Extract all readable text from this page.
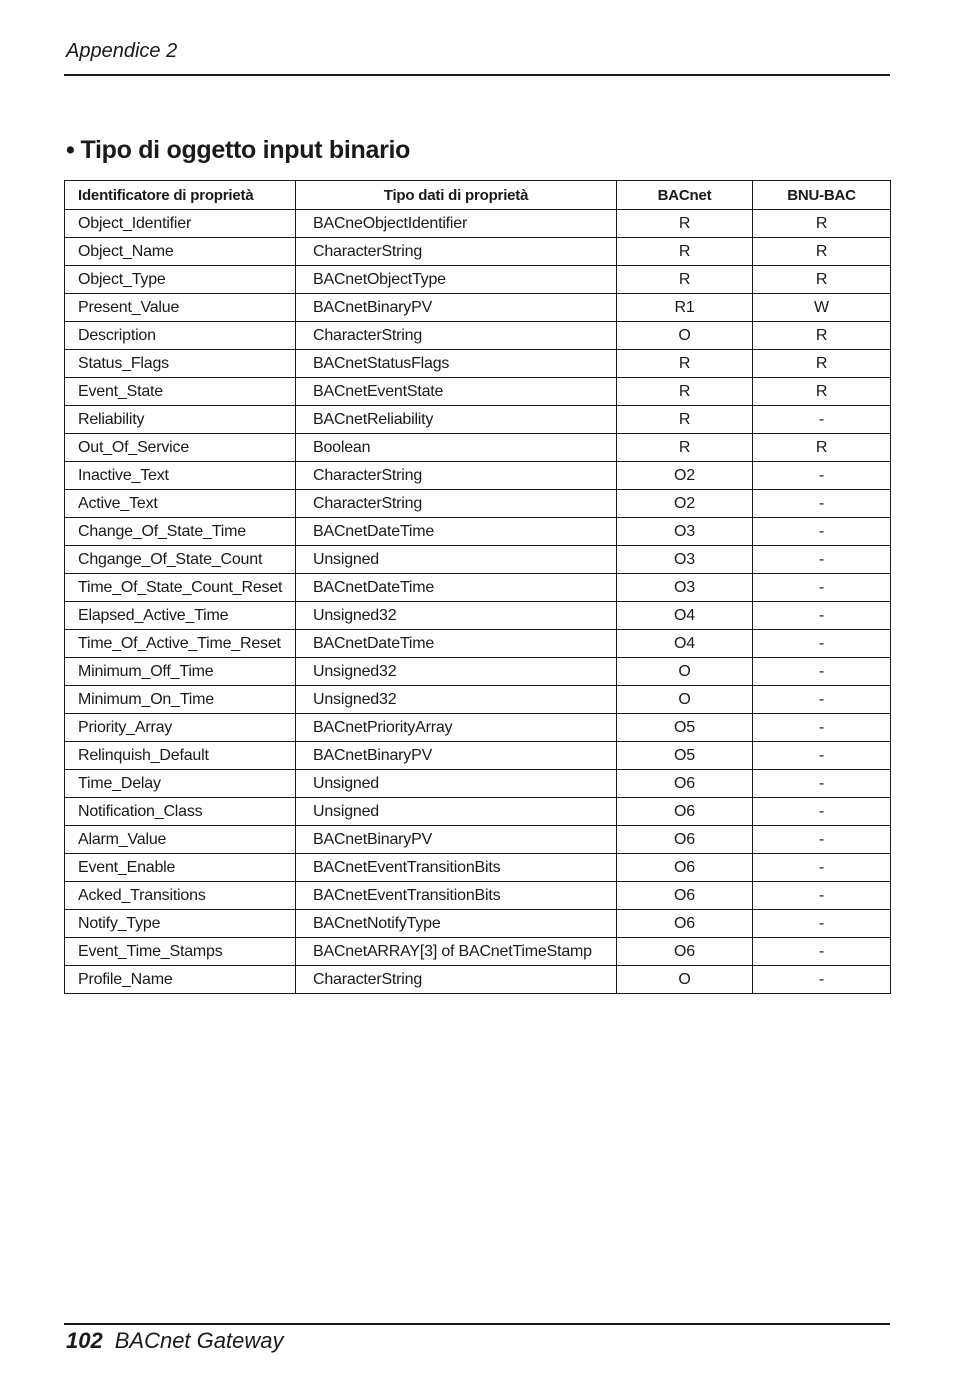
Appendice 2
• Tipo di oggetto input binario
Identificatore di proprietà	Tipo dati di proprietà	BACnet	BNU-BAC
Object_Identifier	BACneObjectIdentifier	R	R
Object_Name	CharacterString	R	R
Object_Type	BACnetObjectType	R	R
Present_Value	BACnetBinaryPV	R1	W
Description	CharacterString	O	R
Status_Flags	BACnetStatusFlags	R	R
Event_State	BACnetEventState	R	R
Reliability	BACnetReliability	R	-
Out_Of_Service	Boolean	R	R
Inactive_Text	CharacterString	O2	-
Active_Text	CharacterString	O2	-
Change_Of_State_Time	BACnetDateTime	O3	-
Chgange_Of_State_Count	Unsigned	O3	-
Time_Of_State_Count_Reset	BACnetDateTime	O3	-
Elapsed_Active_Time	Unsigned32	O4	-
Time_Of_Active_Time_Reset	BACnetDateTime	O4	-
Minimum_Off_Time	Unsigned32	O	-
Minimum_On_Time	Unsigned32	O	-
Priority_Array	BACnetPriorityArray	O5	-
Relinquish_Default	BACnetBinaryPV	O5	-
Time_Delay	Unsigned	O6	-
Notification_Class	Unsigned	O6	-
Alarm_Value	BACnetBinaryPV	O6	-
Event_Enable	BACnetEventTransitionBits	O6	-
Acked_Transitions	BACnetEventTransitionBits	O6	-
Notify_Type	BACnetNotifyType	O6	-
Event_Time_Stamps	BACnetARRAY[3] of BACnetTimeStamp	O6	-
Profile_Name	CharacterString	O	-
102 BACnet Gateway
